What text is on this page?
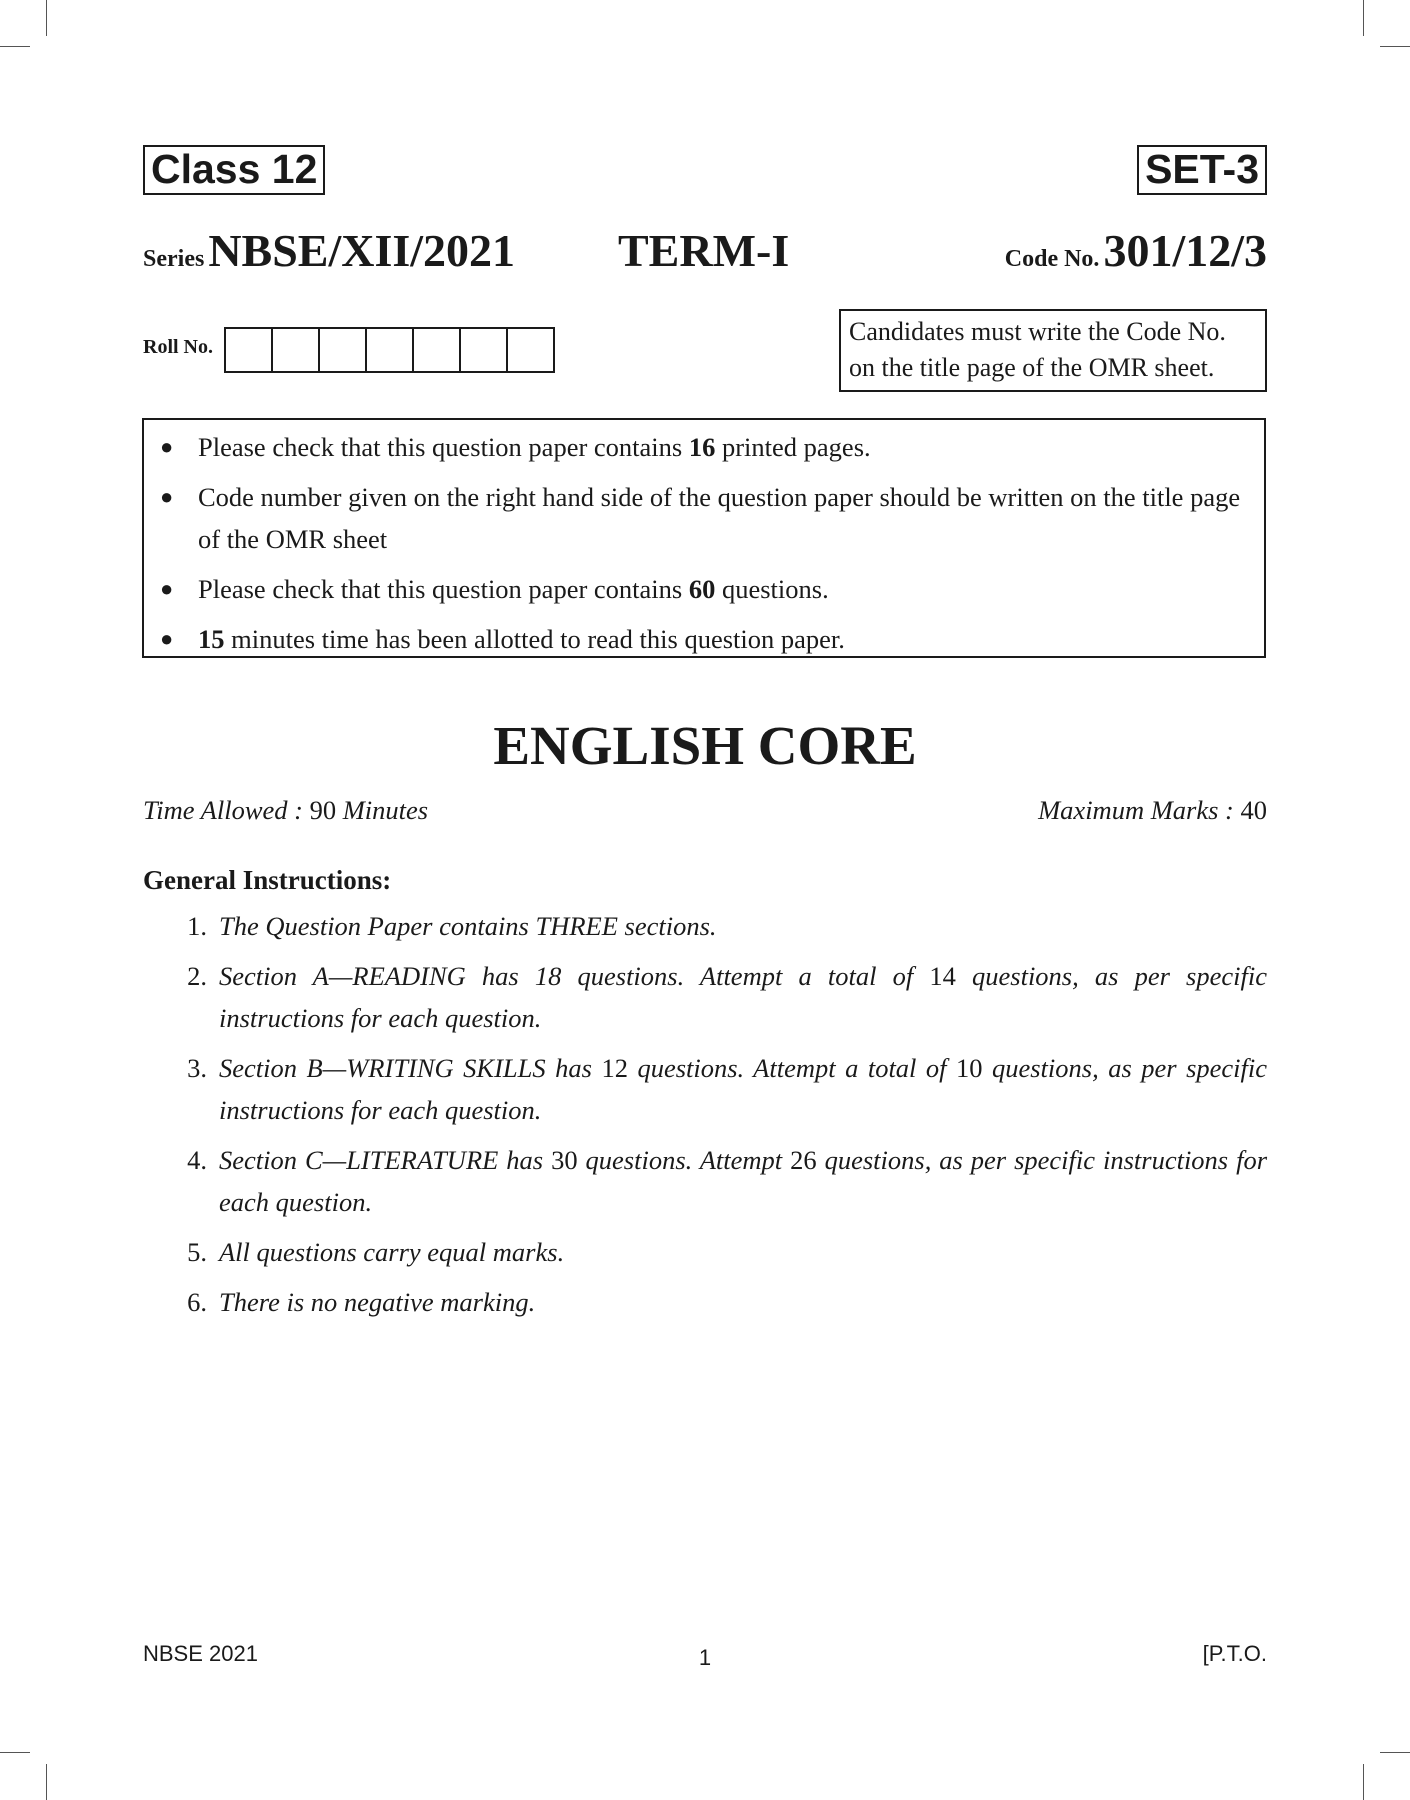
Class 12	SET-3
Series NBSE/XII/2021 TERM-I	Code No. 301/12/3
Roll No.
Candidates must write the Code No.
on the title page of the OMR sheet.
● Please check that this question paper contains 16 printed pages.
● Code number given on the right hand side of the question paper should be written on the title page of the OMR sheet
● Please check that this question paper contains 60 questions.
● 15 minutes time has been allotted to read this question paper.
ENGLISH CORE
Time Allowed : 90 Minutes	Maximum Marks : 40
General Instructions:
1. The Question Paper contains THREE sections.
2. Section A—READING has 18 questions. Attempt a total of 14 questions, as per specific instructions for each question.
3. Section B—WRITING SKILLS has 12 questions. Attempt a total of 10 questions, as per specific instructions for each question.
4. Section C—LITERATURE has 30 questions. Attempt 26 questions, as per specific instructions for each question.
5. All questions carry equal marks.
6. There is no negative marking.
NBSE 2021	1	[P.T.O.
